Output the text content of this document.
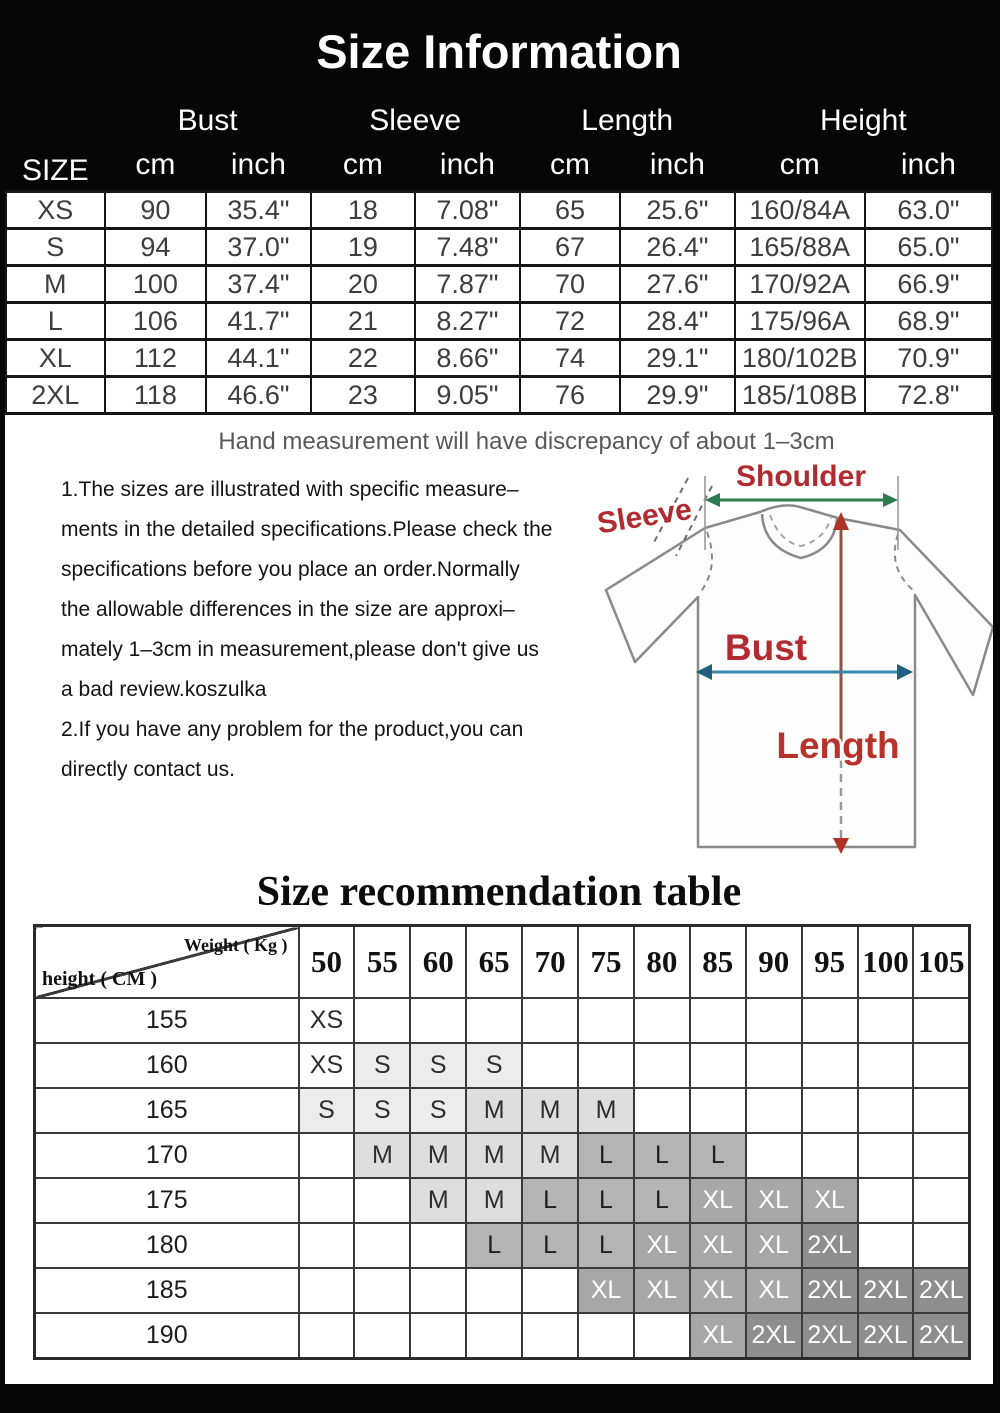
Size Information
SIZE	Bust		Sleeve		Length		Height	
	cm	inch	cm	inch	cm	inch	cm	inch
XS	90	35.4"	18	7.08"	65	25.6"	160/84A	63.0"
S	94	37.0"	19	7.48"	67	26.4"	165/88A	65.0"
M	100	37.4"	20	7.87"	70	27.6"	170/92A	66.9"
L	106	41.7"	21	8.27"	72	28.4"	175/96A	68.9"
XL	112	44.1"	22	8.66"	74	29.1"	180/102B	70.9"
2XL	118	46.6"	23	9.05"	76	29.9"	185/108B	72.8"
Hand measurement will have discrepancy of about 1–3cm
1.The sizes are illustrated with specific measure–
ments in the detailed specifications.Please check the
specifications before you place an order.Normally
the allowable differences in the size are approxi–
mately 1–3cm in measurement,please don't give us
a bad review.koszulka
2.If you have any problem for the product,you can
directly contact us.
Shoulder
Sleeve
Bust
Length
Size recommendation table
Weight ( Kg )
height ( CM )	50	55	60	65	70	75	80	85	90	95	100	105
155	XS											
160	XS	S	S	S								
165	S	S	S	M	M	M						
170		M	M	M	M	L	L	L				
175			M	M	L	L	L	XL	XL	XL		
180				L	L	L	XL	XL	XL	2XL		
185						XL	XL	XL	XL	2XL	2XL	2XL
190								XL	2XL	2XL	2XL	2XL
